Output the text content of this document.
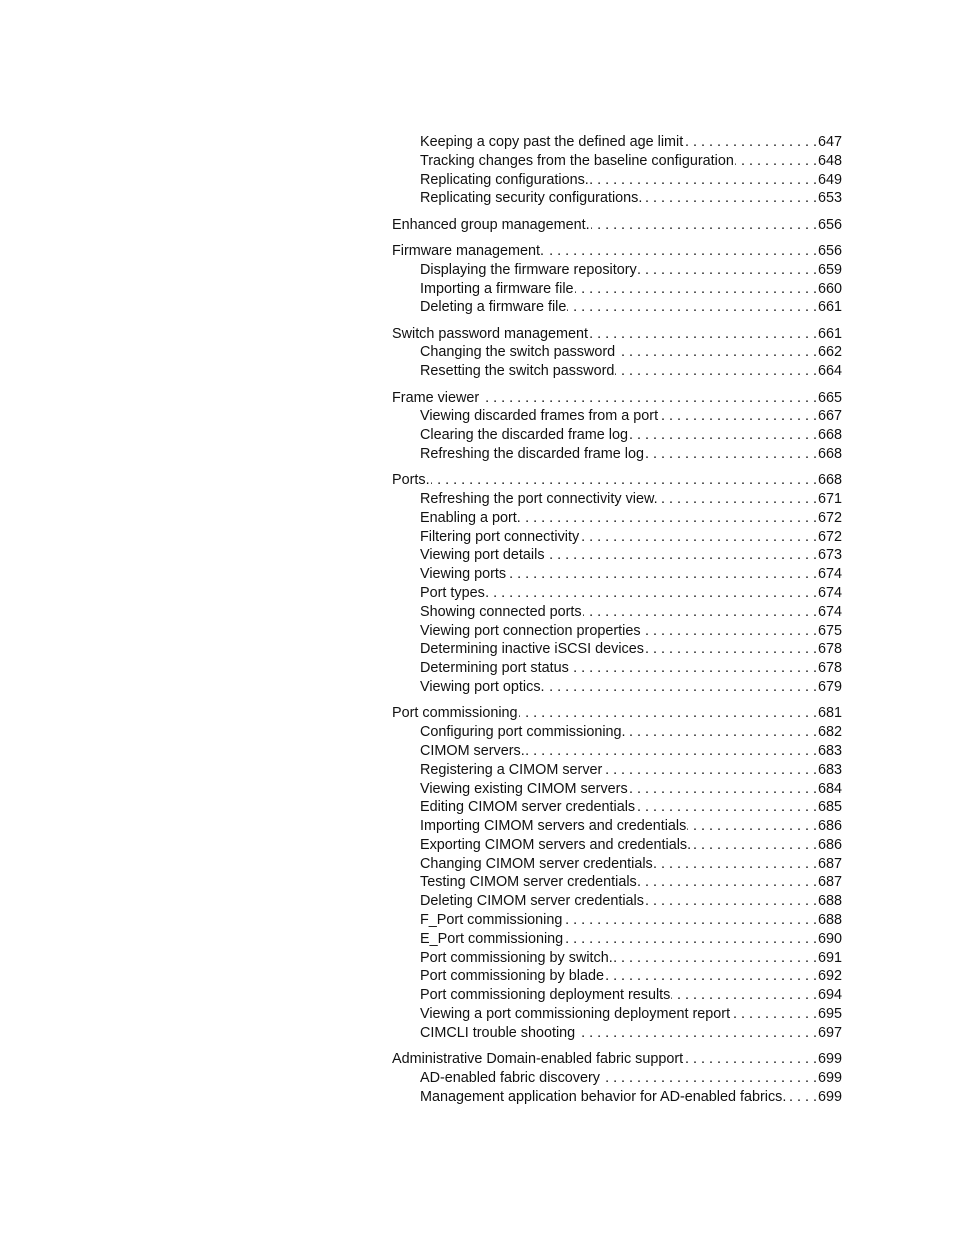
Keeping a copy past the defined age limit . . .	647
Tracking changes from the baseline configuration . . .	648
Replicating configurations. . . .	649
Replicating security configurations. . . .	653
Enhanced group management. . . .	656
Firmware management. . . .	656
Displaying the firmware repository . . .	659
Importing a firmware file . . .	660
Deleting a firmware file . . .	661
Switch password management . . .	661
Changing the switch password . . .	662
Resetting the switch password . . .	664
Frame viewer . . .	665
Viewing discarded frames from a port . . .	667
Clearing the discarded frame log . . .	668
Refreshing the discarded frame log . . .	668
Ports. . . .	668
Refreshing the port connectivity view. . . .	671
Enabling a port. . . .	672
Filtering port connectivity . . .	672
Viewing port details . . .	673
Viewing ports . . .	674
Port types . . .	674
Showing connected ports . . .	674
Viewing port connection properties . . .	675
Determining inactive iSCSI devices . . .	678
Determining port status . . .	678
Viewing port optics. . . .	679
Port commissioning . . .	681
Configuring port commissioning. . . .	682
CIMOM servers. . . .	683
Registering a CIMOM server . . .	683
Viewing existing CIMOM servers . . .	684
Editing CIMOM server credentials . . .	685
Importing CIMOM servers and credentials . . .	686
Exporting CIMOM servers and credentials. . . .	686
Changing CIMOM server credentials . . .	687
Testing CIMOM server credentials . . .	687
Deleting CIMOM server credentials . . .	688
F_Port commissioning . . .	688
E_Port commissioning . . .	690
Port commissioning by switch. . . .	691
Port commissioning by blade . . .	692
Port commissioning deployment results . . .	694
Viewing a port commissioning deployment report . . .	695
CIMCLI trouble shooting . . .	697
Administrative Domain-enabled fabric support . . .	699
AD-enabled fabric discovery . . .	699
Management application behavior for AD-enabled fabrics. . . . 699
